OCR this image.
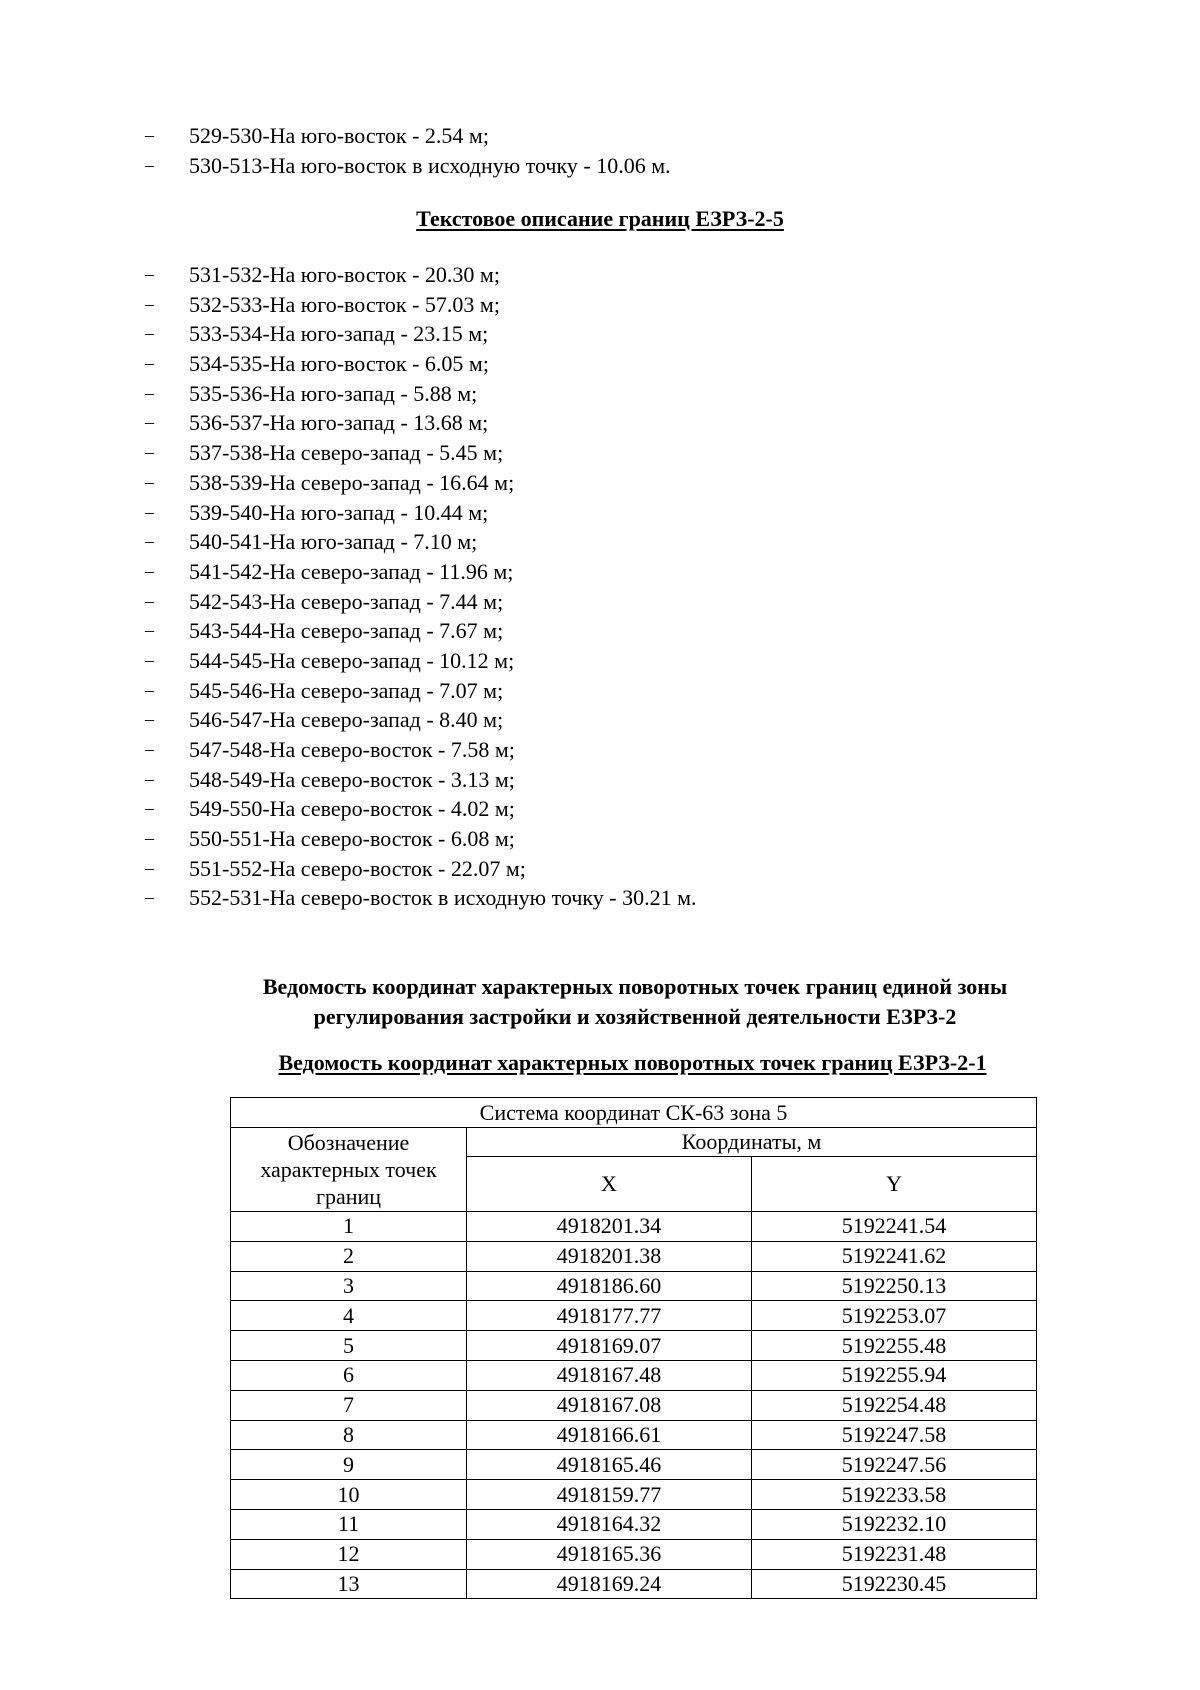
– 529-530-На юго-восток - 2.54 м;
– 530-513-На юго-восток в исходную точку - 10.06 м.
Текстовое описание границ ЕЗРЗ-2-5
– 531-532-На юго-восток - 20.30 м;
– 532-533-На юго-восток - 57.03 м;
– 533-534-На юго-запад - 23.15 м;
– 534-535-На юго-восток - 6.05 м;
– 535-536-На юго-запад - 5.88 м;
– 536-537-На юго-запад - 13.68 м;
– 537-538-На северо-запад - 5.45 м;
– 538-539-На северо-запад - 16.64 м;
– 539-540-На юго-запад - 10.44 м;
– 540-541-На юго-запад - 7.10 м;
– 541-542-На северо-запад - 11.96 м;
– 542-543-На северо-запад - 7.44 м;
– 543-544-На северо-запад - 7.67 м;
– 544-545-На северо-запад - 10.12 м;
– 545-546-На северо-запад - 7.07 м;
– 546-547-На северо-запад - 8.40 м;
– 547-548-На северо-восток - 7.58 м;
– 548-549-На северо-восток - 3.13 м;
– 549-550-На северо-восток - 4.02 м;
– 550-551-На северо-восток - 6.08 м;
– 551-552-На северо-восток - 22.07 м;
– 552-531-На северо-восток в исходную точку - 30.21 м.
Ведомость координат характерных поворотных точек границ единой зоны регулирования застройки и хозяйственной деятельности ЕЗРЗ-2
Ведомость координат характерных поворотных точек границ ЕЗРЗ-2-1
Система координат СК-63 зона 5		
Обозначение характерных точек границ	Координаты, м	
	X	Y
1	4918201.34	5192241.54
2	4918201.38	5192241.62
3	4918186.60	5192250.13
4	4918177.77	5192253.07
5	4918169.07	5192255.48
6	4918167.48	5192255.94
7	4918167.08	5192254.48
8	4918166.61	5192247.58
9	4918165.46	5192247.56
10	4918159.77	5192233.58
11	4918164.32	5192232.10
12	4918165.36	5192231.48
13	4918169.24	5192230.45
